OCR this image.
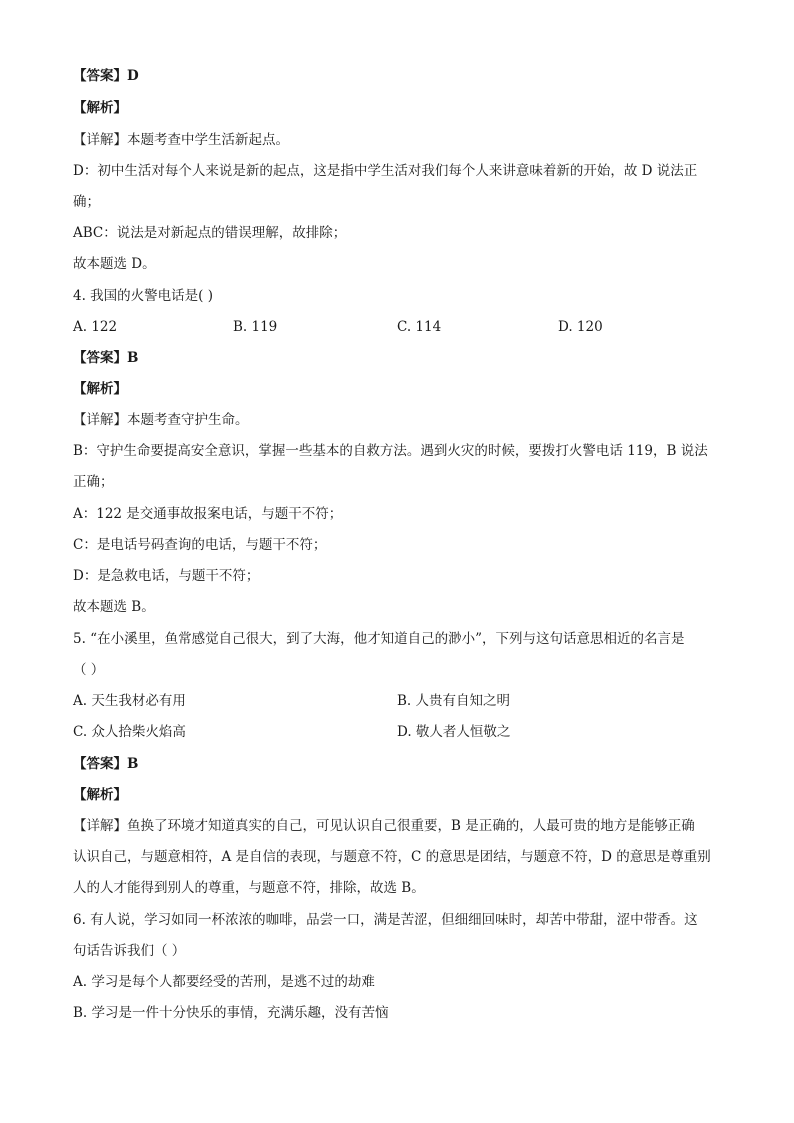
【答案】D
【解析】
【详解】本题考查中学生活新起点。
D：初中生活对每个人来说是新的起点，这是指中学生活对我们每个人来讲意味着新的开始，故 D 说法正
确；
ABC：说法是对新起点的错误理解，故排除；
故本题选 D。
4. 我国的火警电话是( )
A. 122	B. 119	C. 114	D. 120
【答案】B
【解析】
【详解】本题考查守护生命。
B：守护生命要提高安全意识，掌握一些基本的自救方法。遇到火灾的时候，要拨打火警电话 119，B 说法
正确；
A：122 是交通事故报案电话，与题干不符；
C：是电话号码查询的电话，与题干不符；
D：是急救电话，与题干不符；
故本题选 B。
5. “在小溪里，鱼常感觉自己很大，到了大海，他才知道自己的渺小”，下列与这句话意思相近的名言是
（ ）
A. 天生我材必有用	B. 人贵有自知之明
C. 众人拾柴火焰高	D. 敬人者人恒敬之
【答案】B
【解析】
【详解】鱼换了环境才知道真实的自己，可见认识自己很重要，B 是正确的，人最可贵的地方是能够正确
认识自己，与题意相符，A 是自信的表现，与题意不符，C 的意思是团结，与题意不符，D 的意思是尊重别
人的人才能得到别人的尊重，与题意不符，排除，故选 B。
6. 有人说，学习如同一杯浓浓的咖啡，品尝一口，满是苦涩，但细细回味时，却苦中带甜，涩中带香。这
句话告诉我们（ ）
A. 学习是每个人都要经受的苦刑，是逃不过的劫难
B. 学习是一件十分快乐的事情，充满乐趣，没有苦恼
